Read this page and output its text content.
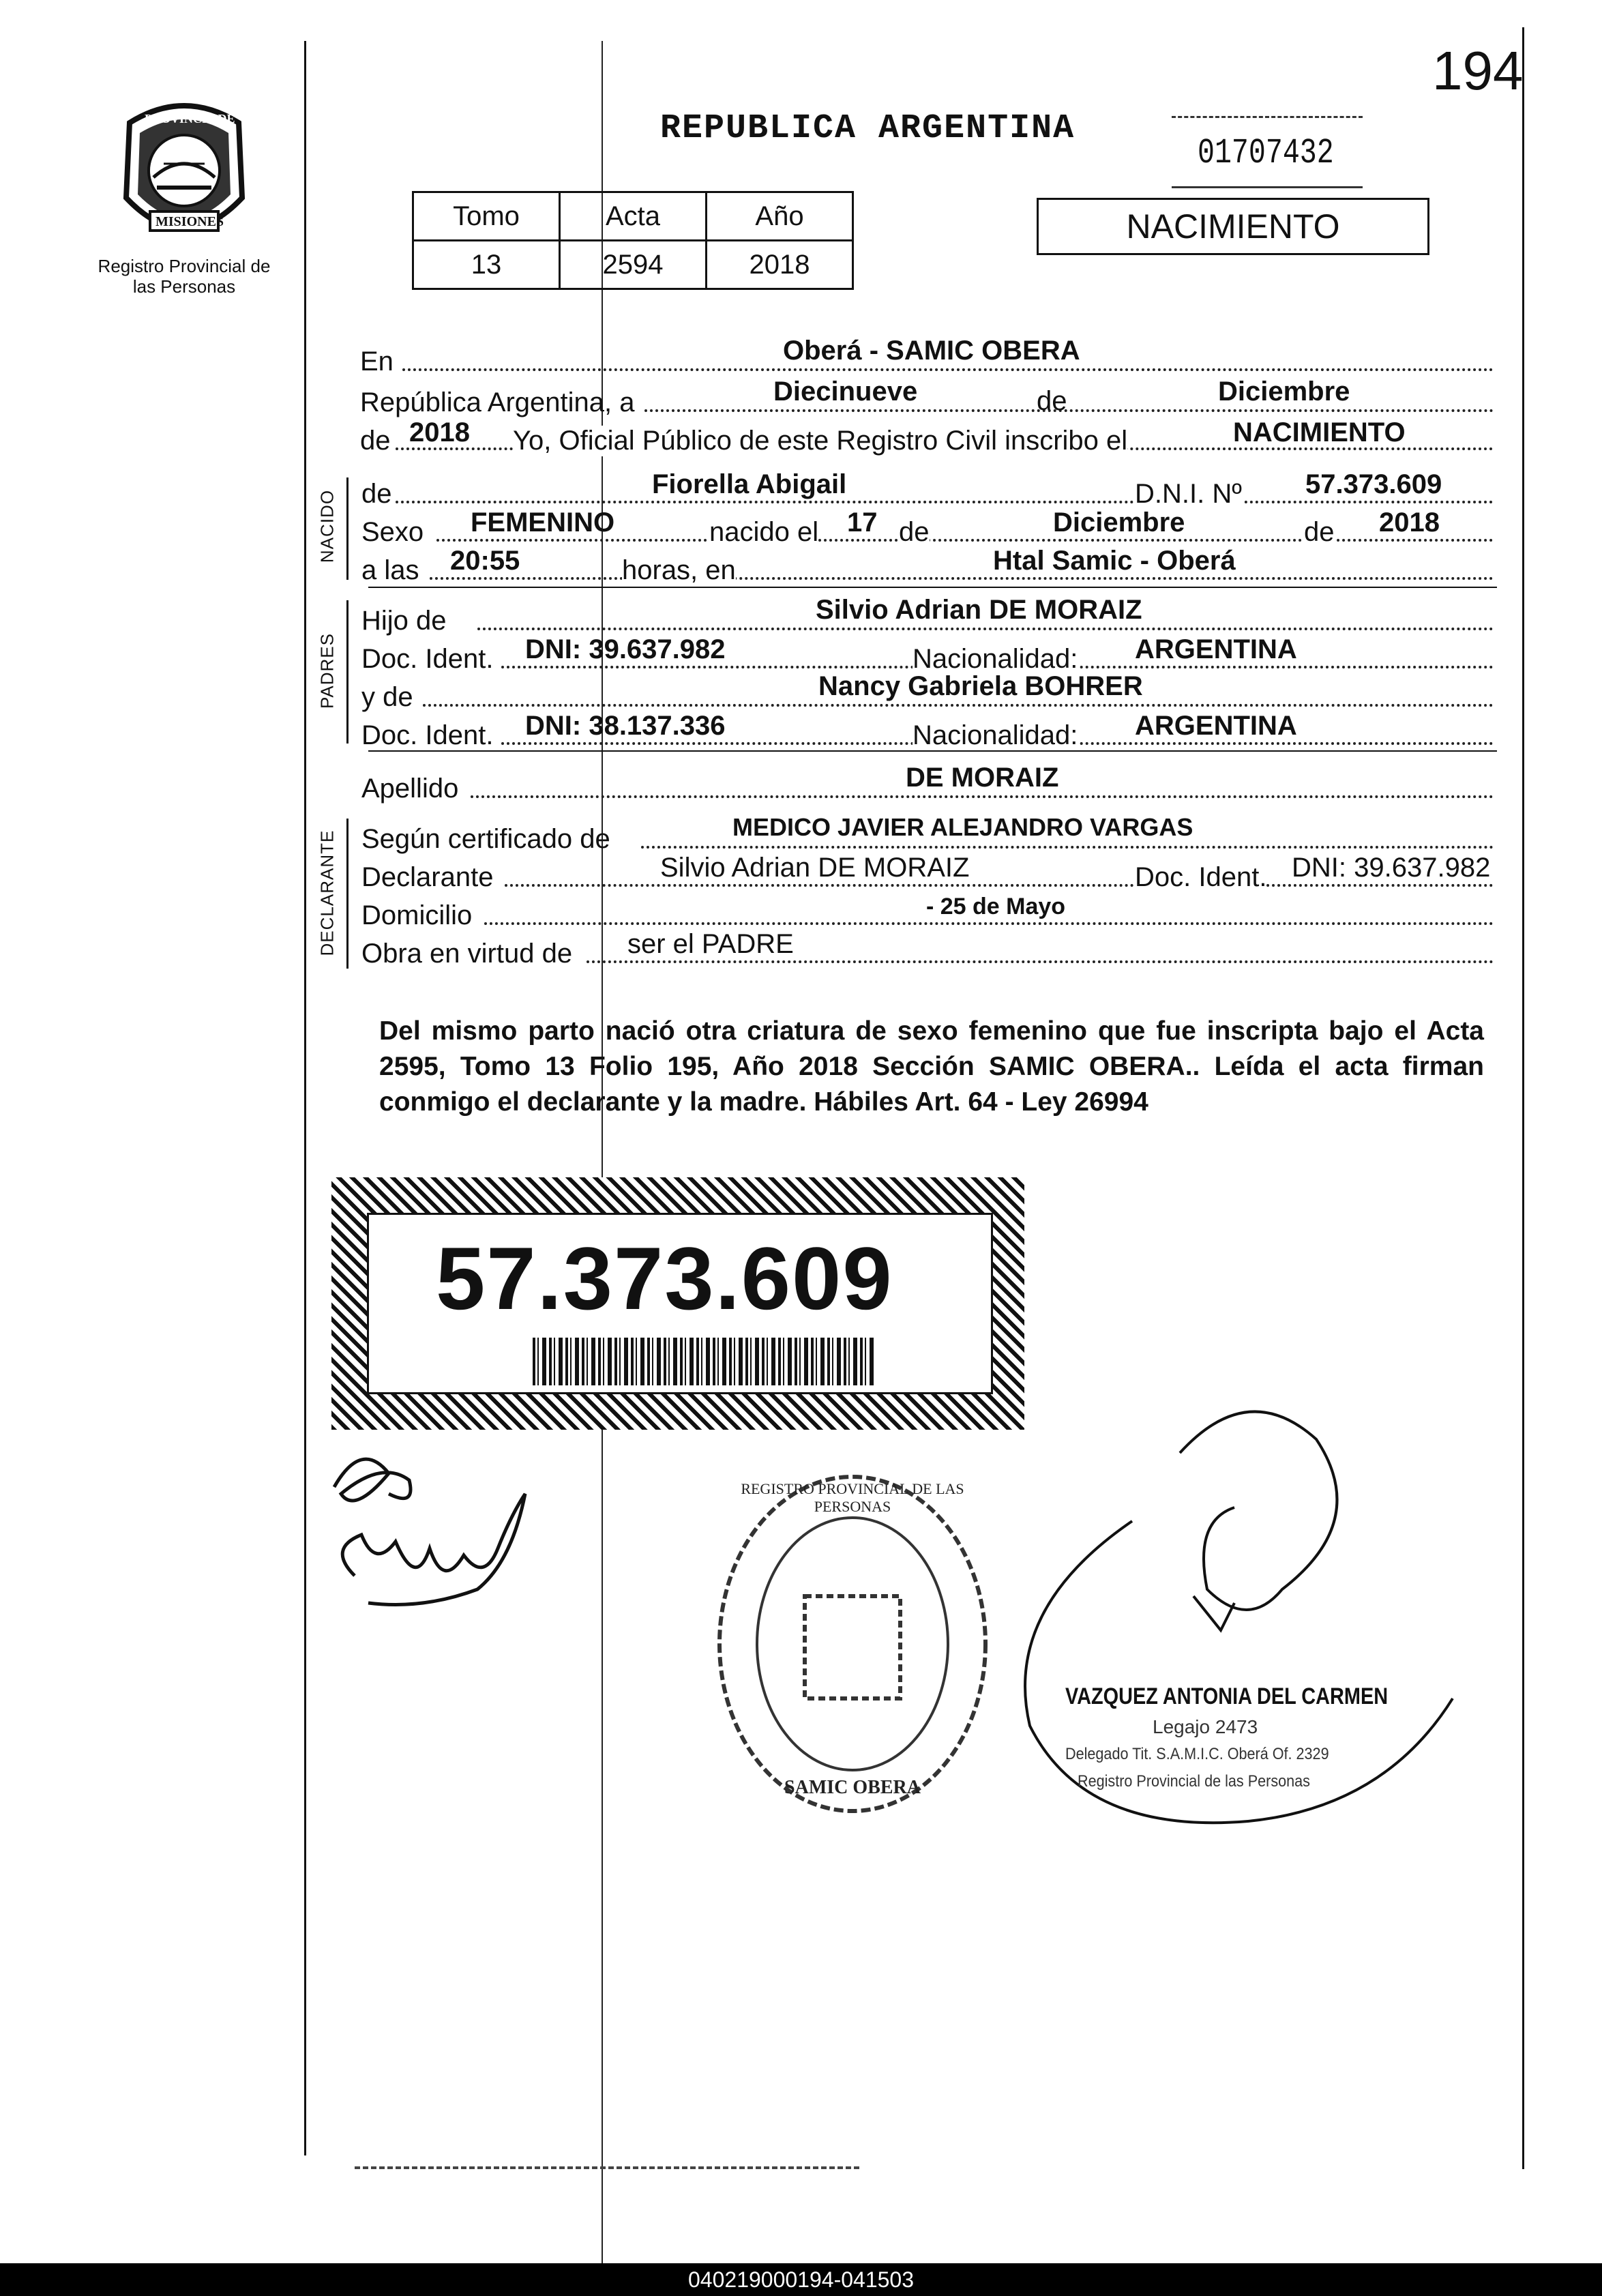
PROVINCIA DE
MISIONES
Registro Provincial de las Personas
194
REPUBLICA ARGENTINA
01707432
Tomo	Acta	Año
13	2594	2018
NACIMIENTO
En	Oberá - SAMIC OBERA
República Argentina, a	Diecinueve	de	Diciembre
de 2018 Yo, Oficial Público de este Registro Civil inscribo el	NACIMIENTO
NACIDO de	Fiorella Abigail	D.N.I. Nº 57.373.609
Sexo FEMENINO	nacido el 17 de	Diciembre	de 2018
a las 20:55	horas, en	Htal Samic - Oberá
PADRES
Hijo de	Silvio Adrian DE MORAIZ
Doc. Ident. DNI: 39.637.982	Nacionalidad: ARGENTINA
y de	Nancy Gabriela BOHRER
Doc. Ident. DNI: 38.137.336	Nacionalidad: ARGENTINA
Apellido	DE MORAIZ
DECLARANTE Según certificado de	MEDICO JAVIER ALEJANDRO VARGAS
Declarante	Silvio Adrian DE MORAIZ	Doc. Ident. DNI: 39.637.982
Domicilio	- 25 de Mayo
Obra en virtud de ser el PADRE
Del mismo parto nació otra criatura de sexo femenino que fue inscripta bajo el Acta 2595, Tomo 13 Folio 195, Año 2018 Sección SAMIC OBERA.. Leída el acta firman conmigo el declarante y la madre. Hábiles Art. 64 - Ley 26994
57.373.609
REGISTRO PROVINCIAL DE LAS PERSONAS
SAMIC OBERA
VAZQUEZ ANTONIA DEL CARMEN
Legajo 2473
Delegado Tit. S.A.M.I.C. Oberá Of. 2329
Registro Provincial de las Personas
040219000194-041503
